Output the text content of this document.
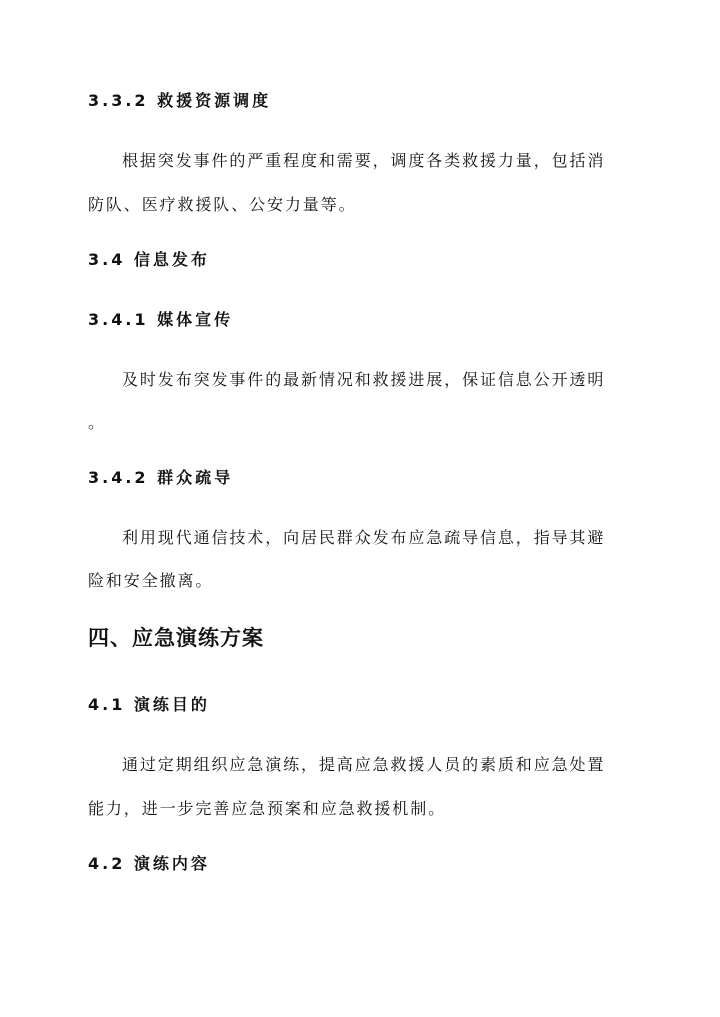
3.3.2 救援资源调度
根据突发事件的严重程度和需要，调度各类救援力量，包括消
防队、医疗救援队、公安力量等。
3.4 信息发布
3.4.1 媒体宣传
及时发布突发事件的最新情况和救援进展，保证信息公开透明
。
3.4.2 群众疏导
利用现代通信技术，向居民群众发布应急疏导信息，指导其避
险和安全撤离。
四、应急演练方案
4.1 演练目的
通过定期组织应急演练，提高应急救援人员的素质和应急处置
能力，进一步完善应急预案和应急救援机制。
4.2 演练内容
